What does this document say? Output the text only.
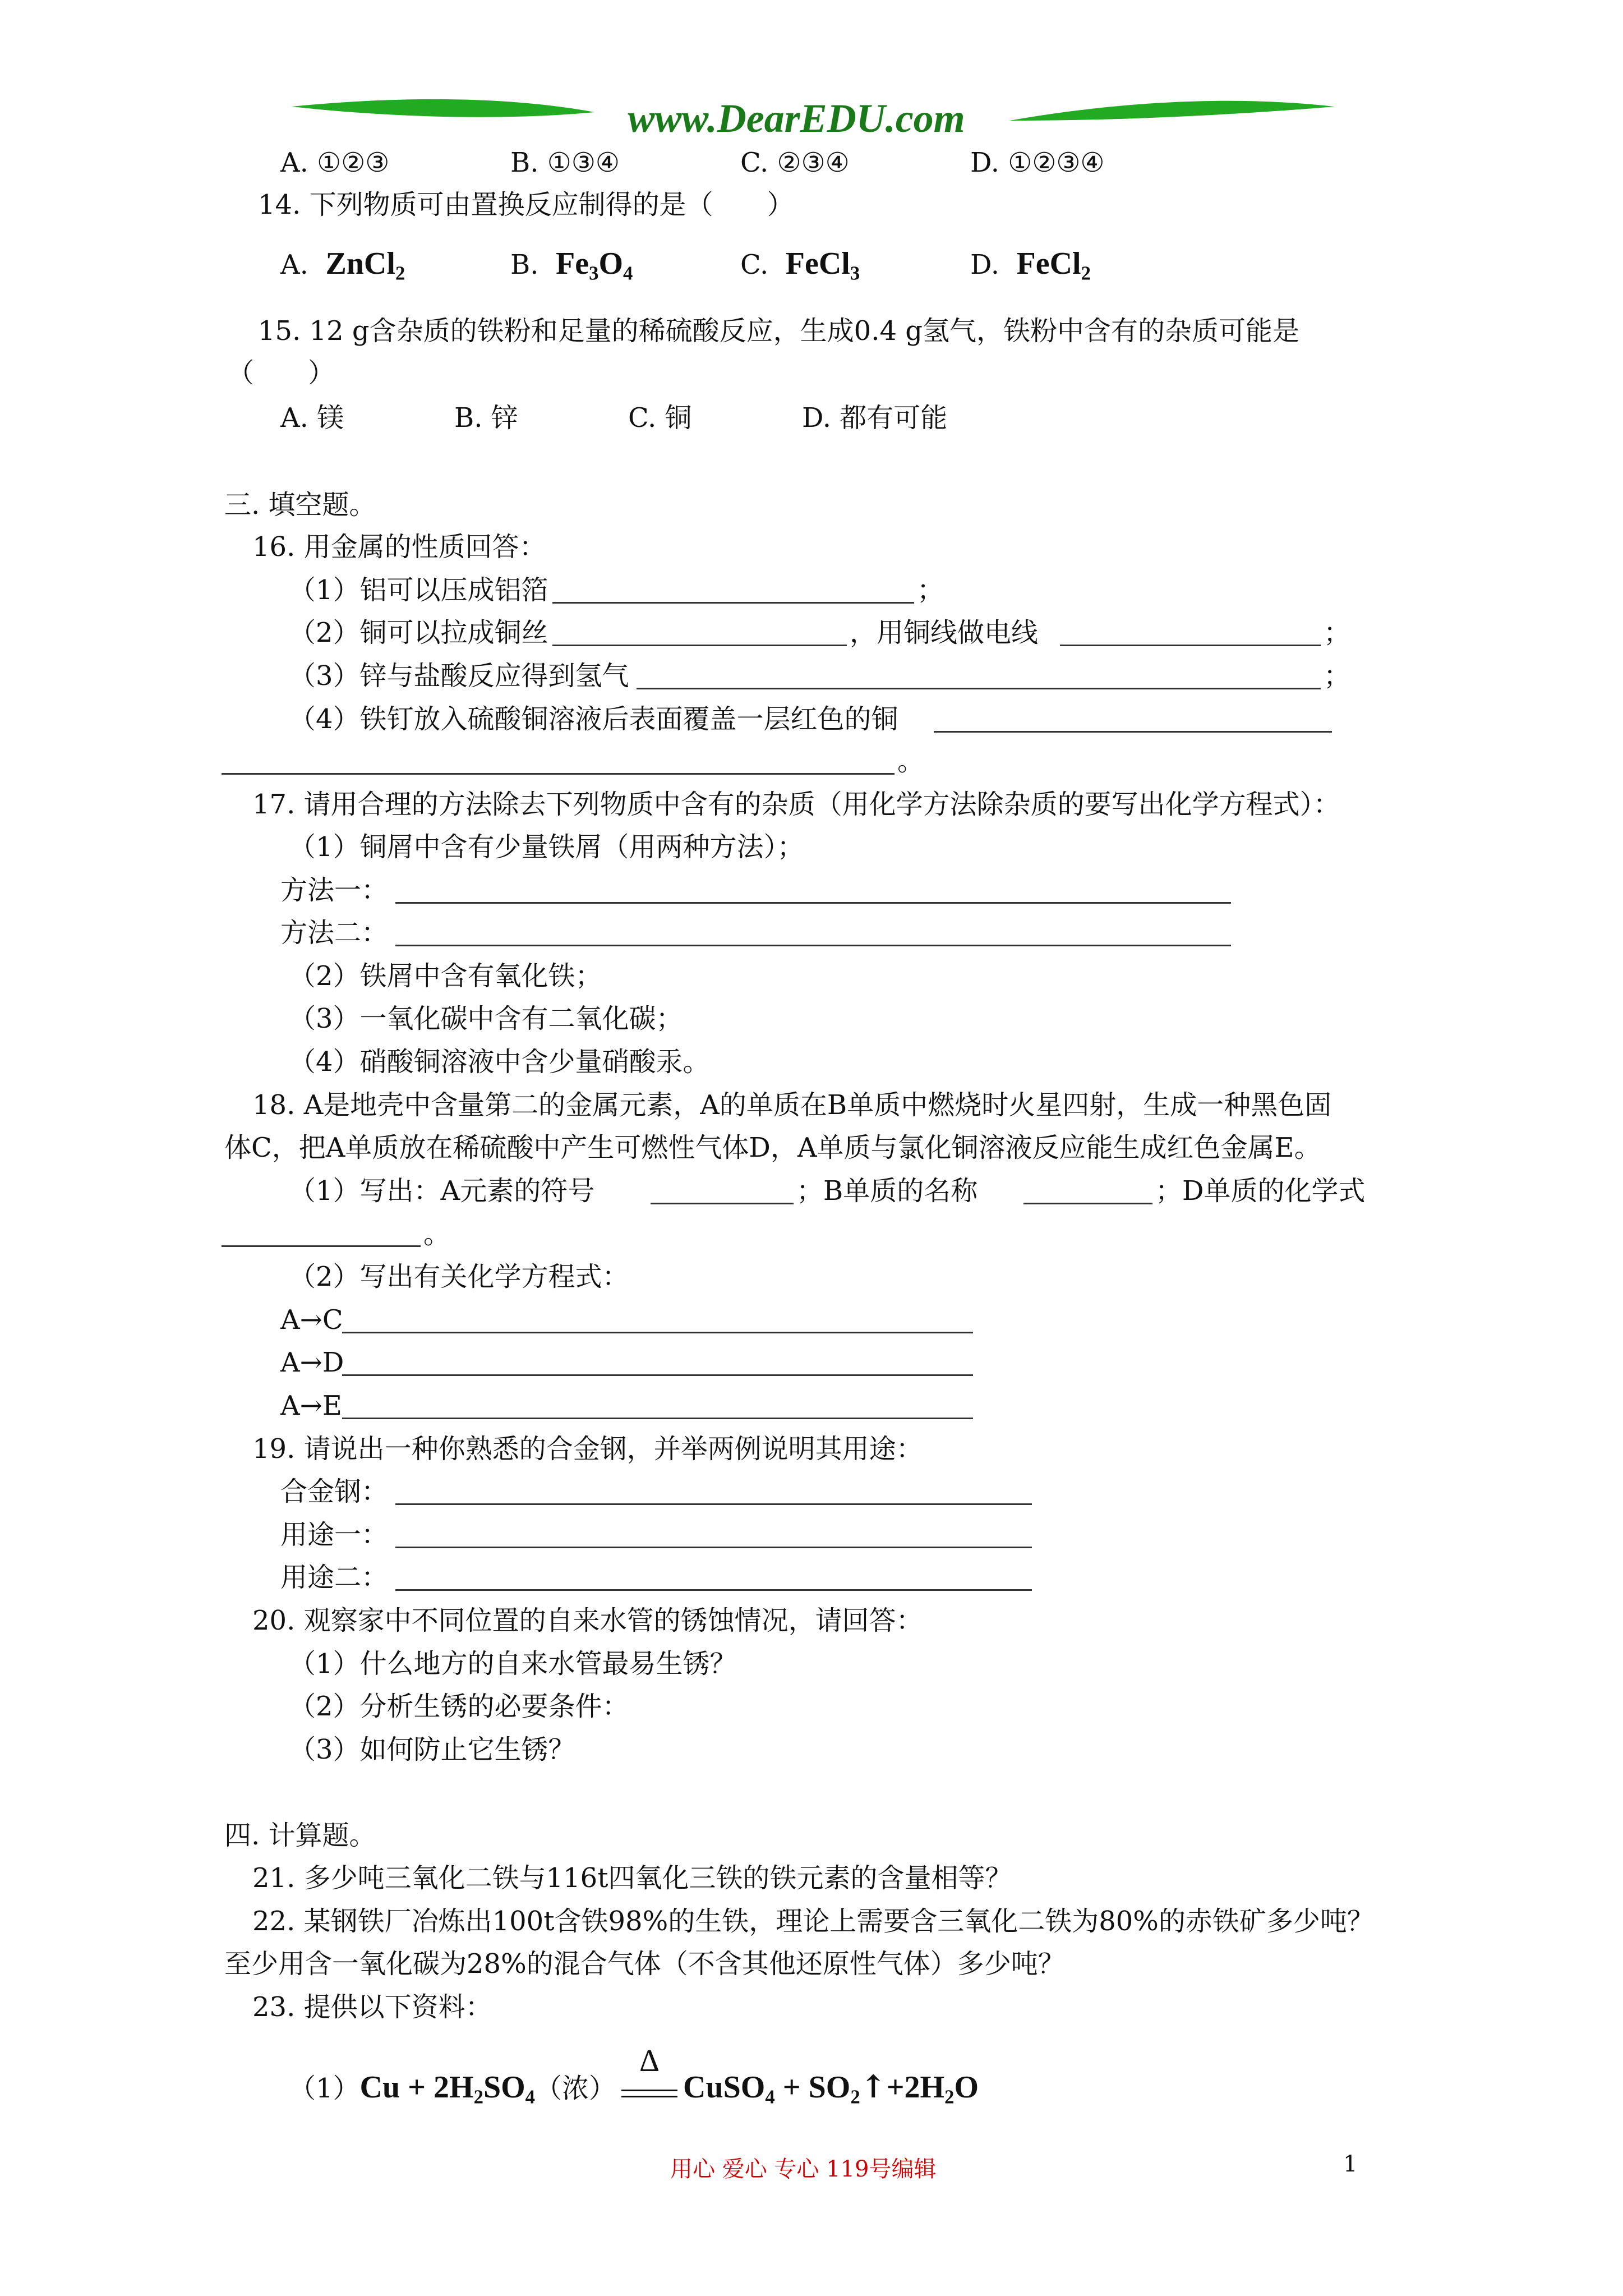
www.DearEDU.com
A. ①②③	B. ①③④	C. ②③④	D. ①②③④
14. 下列物质可由置换反应制得的是（　　）
A. ZnCl$_2$	B. $Fe_3O_4$	C. FeCl$_3$	D. FeCl$_2$
15. 12 g含杂质的铁粉和足量的稀硫酸反应，生成0.4 g氢气，铁粉中含有的杂质可能是
（　　）
A. 镁	B. 锌	C. 铜	D. 都有可能
三. 填空题。
16. 用金属的性质回答：
（1）铝可以压成铝箔	；
（2）铜可以拉成铜丝	，用铜线做电线	；
（3）锌与盐酸反应得到氢气	；
（4）铁钉放入硫酸铜溶液后表面覆盖一层红色的铜
。
17. 请用合理的方法除去下列物质中含有的杂质（用化学方法除杂质的要写出化学方程式）：
（1）铜屑中含有少量铁屑（用两种方法）；
方法一：
方法二：
（2）铁屑中含有氧化铁；
（3）一氧化碳中含有二氧化碳；
（4）硝酸铜溶液中含少量硝酸汞。
18. A是地壳中含量第二的金属元素，A的单质在B单质中燃烧时火星四射，生成一种黑色固
体C，把A单质放在稀硫酸中产生可燃性气体D，A单质与氯化铜溶液反应能生成红色金属E。
（1）写出：A元素的符号	；B单质的名称	；D单质的化学式
。
（2）写出有关化学方程式：
A→C
A→D
A→E
19. 请说出一种你熟悉的合金钢，并举两例说明其用途：
合金钢：
用途一：
用途二：
20. 观察家中不同位置的自来水管的锈蚀情况，请回答：
（1）什么地方的自来水管最易生锈？
（2）分析生锈的必要条件：
（3）如何防止它生锈？
四. 计算题。
21. 多少吨三氧化二铁与116t四氧化三铁的铁元素的含量相等？
22. 某钢铁厂冶炼出100t含铁98%的生铁，理论上需要含三氧化二铁为80%的赤铁矿多少吨？
至少用含一氧化碳为28%的混合气体（不含其他还原性气体）多少吨？
23. 提供以下资料：
$(1)Cu + 2H_2SO_4$（浓）
Δ
CuSO$_4$ + $SO_2↑+2H_2O$
用心 爱心 专心 119号编辑	1
